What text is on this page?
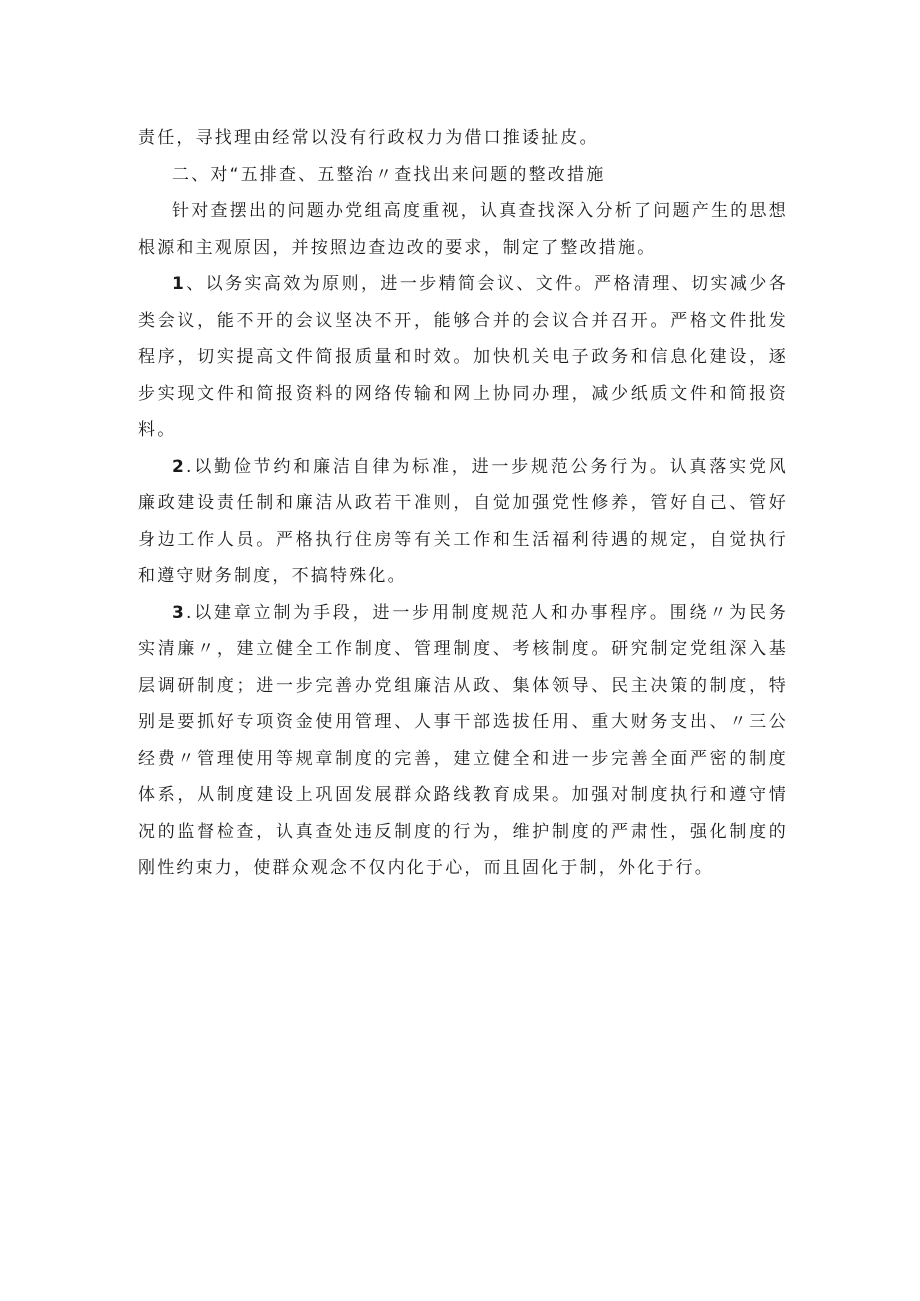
责任，寻找理由经常以没有行政权力为借口推诿扯皮。

二、对“五排查、五整治〃查找出来问题的整改措施

针对查摆出的问题办党组高度重视，认真查找深入分析了问题产生的思想根源和主观原因，并按照边查边改的要求，制定了整改措施。

1、以务实高效为原则，进一步精简会议、文件。严格清理、切实减少各类会议，能不开的会议坚决不开，能够合并的会议合并召开。严格文件批发程序，切实提高文件简报质量和时效。加快机关电子政务和信息化建设，逐步实现文件和简报资料的网络传输和网上协同办理，减少纸质文件和简报资料。

2.以勤俭节约和廉洁自律为标准，进一步规范公务行为。认真落实党风廉政建设责任制和廉洁从政若干准则，自觉加强党性修养，管好自己、管好身边工作人员。严格执行住房等有关工作和生活福利待遇的规定，自觉执行和遵守财务制度，不搞特殊化。

3.以建章立制为手段，进一步用制度规范人和办事程序。围绕〃为民务实清廉〃，建立健全工作制度、管理制度、考核制度。研究制定党组深入基层调研制度；进一步完善办党组廉洁从政、集体领导、民主决策的制度，特别是要抓好专项资金使用管理、人事干部选拔任用、重大财务支出、〃三公经费〃管理使用等规章制度的完善，建立健全和进一步完善全面严密的制度体系，从制度建设上巩固发展群众路线教育成果。加强对制度执行和遵守情况的监督检查，认真查处违反制度的行为，维护制度的严肃性，强化制度的刚性约束力，使群众观念不仅内化于心，而且固化于制，外化于行。
